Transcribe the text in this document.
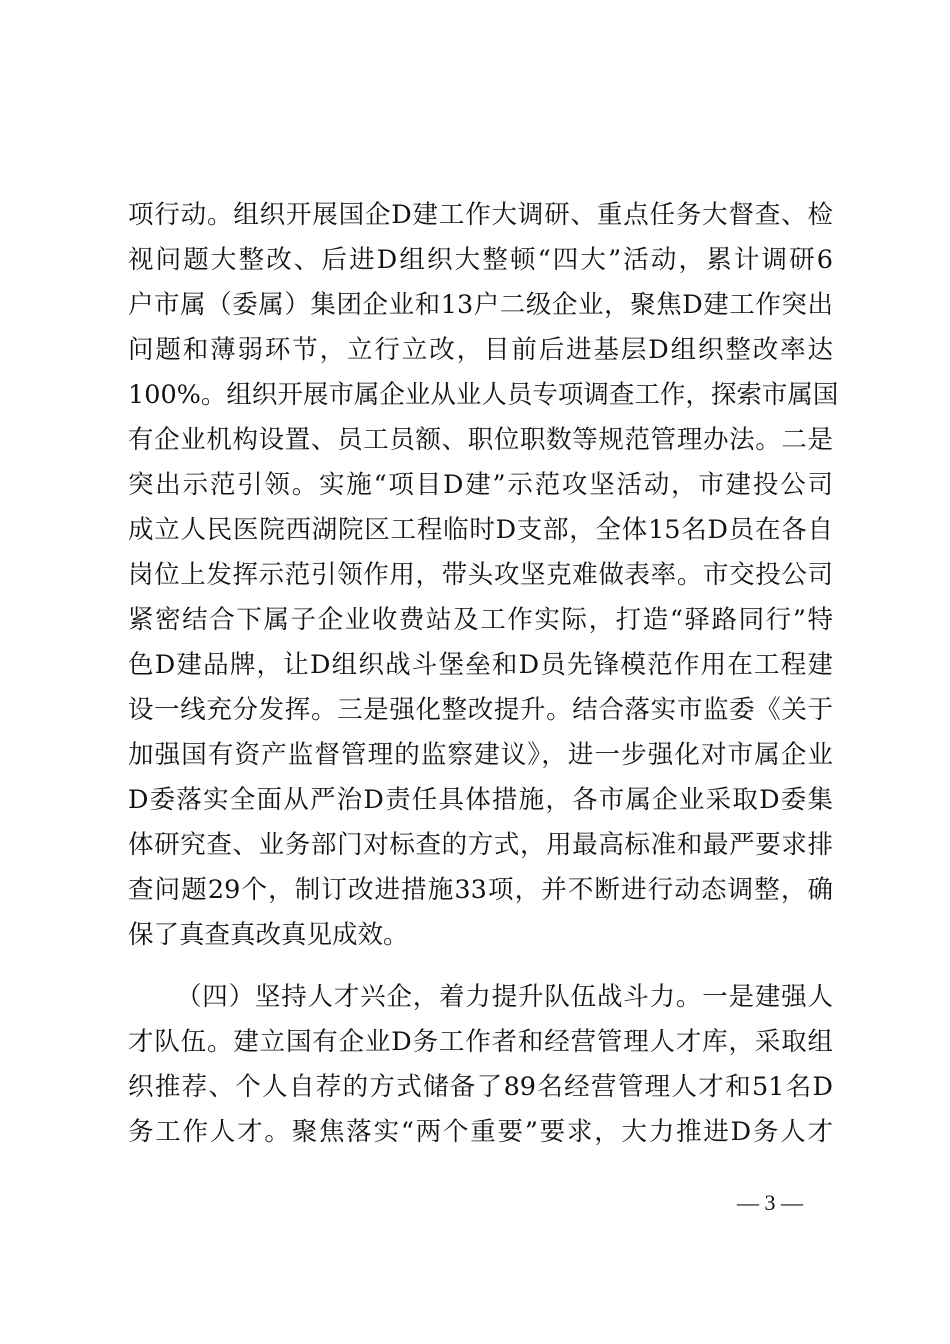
项行动。组织开展国企D建工作大调研、重点任务大督查、检
视问题大整改、后进D组织大整顿“四大”活动，累计调研6
户市属（委属）集团企业和13户二级企业，聚焦D建工作突出
问题和薄弱环节，立行立改，目前后进基层D组织整改率达
100%。组织开展市属企业从业人员专项调查工作，探索市属国
有企业机构设置、员工员额、职位职数等规范管理办法。二是
突出示范引领。实施“项目D建”示范攻坚活动，市建投公司
成立人民医院西湖院区工程临时D支部，全体15名D员在各自
岗位上发挥示范引领作用，带头攻坚克难做表率。市交投公司
紧密结合下属子企业收费站及工作实际，打造“驿路同行”特
色D建品牌，让D组织战斗堡垒和D员先锋模范作用在工程建
设一线充分发挥。三是强化整改提升。结合落实市监委《关于
加强国有资产监督管理的监察建议》，进一步强化对市属企业
D委落实全面从严治D责任具体措施，各市属企业采取D委集
体研究查、业务部门对标查的方式，用最高标准和最严要求排
查问题29个，制订改进措施33项，并不断进行动态调整，确
保了真查真改真见成效。
（四）坚持人才兴企，着力提升队伍战斗力。一是建强人
才队伍。建立国有企业D务工作者和经营管理人才库，采取组
织推荐、个人自荐的方式储备了89名经营管理人才和51名D
务工作人才。聚焦落实“两个重要”要求，大力推进D务人才
— 3 —
